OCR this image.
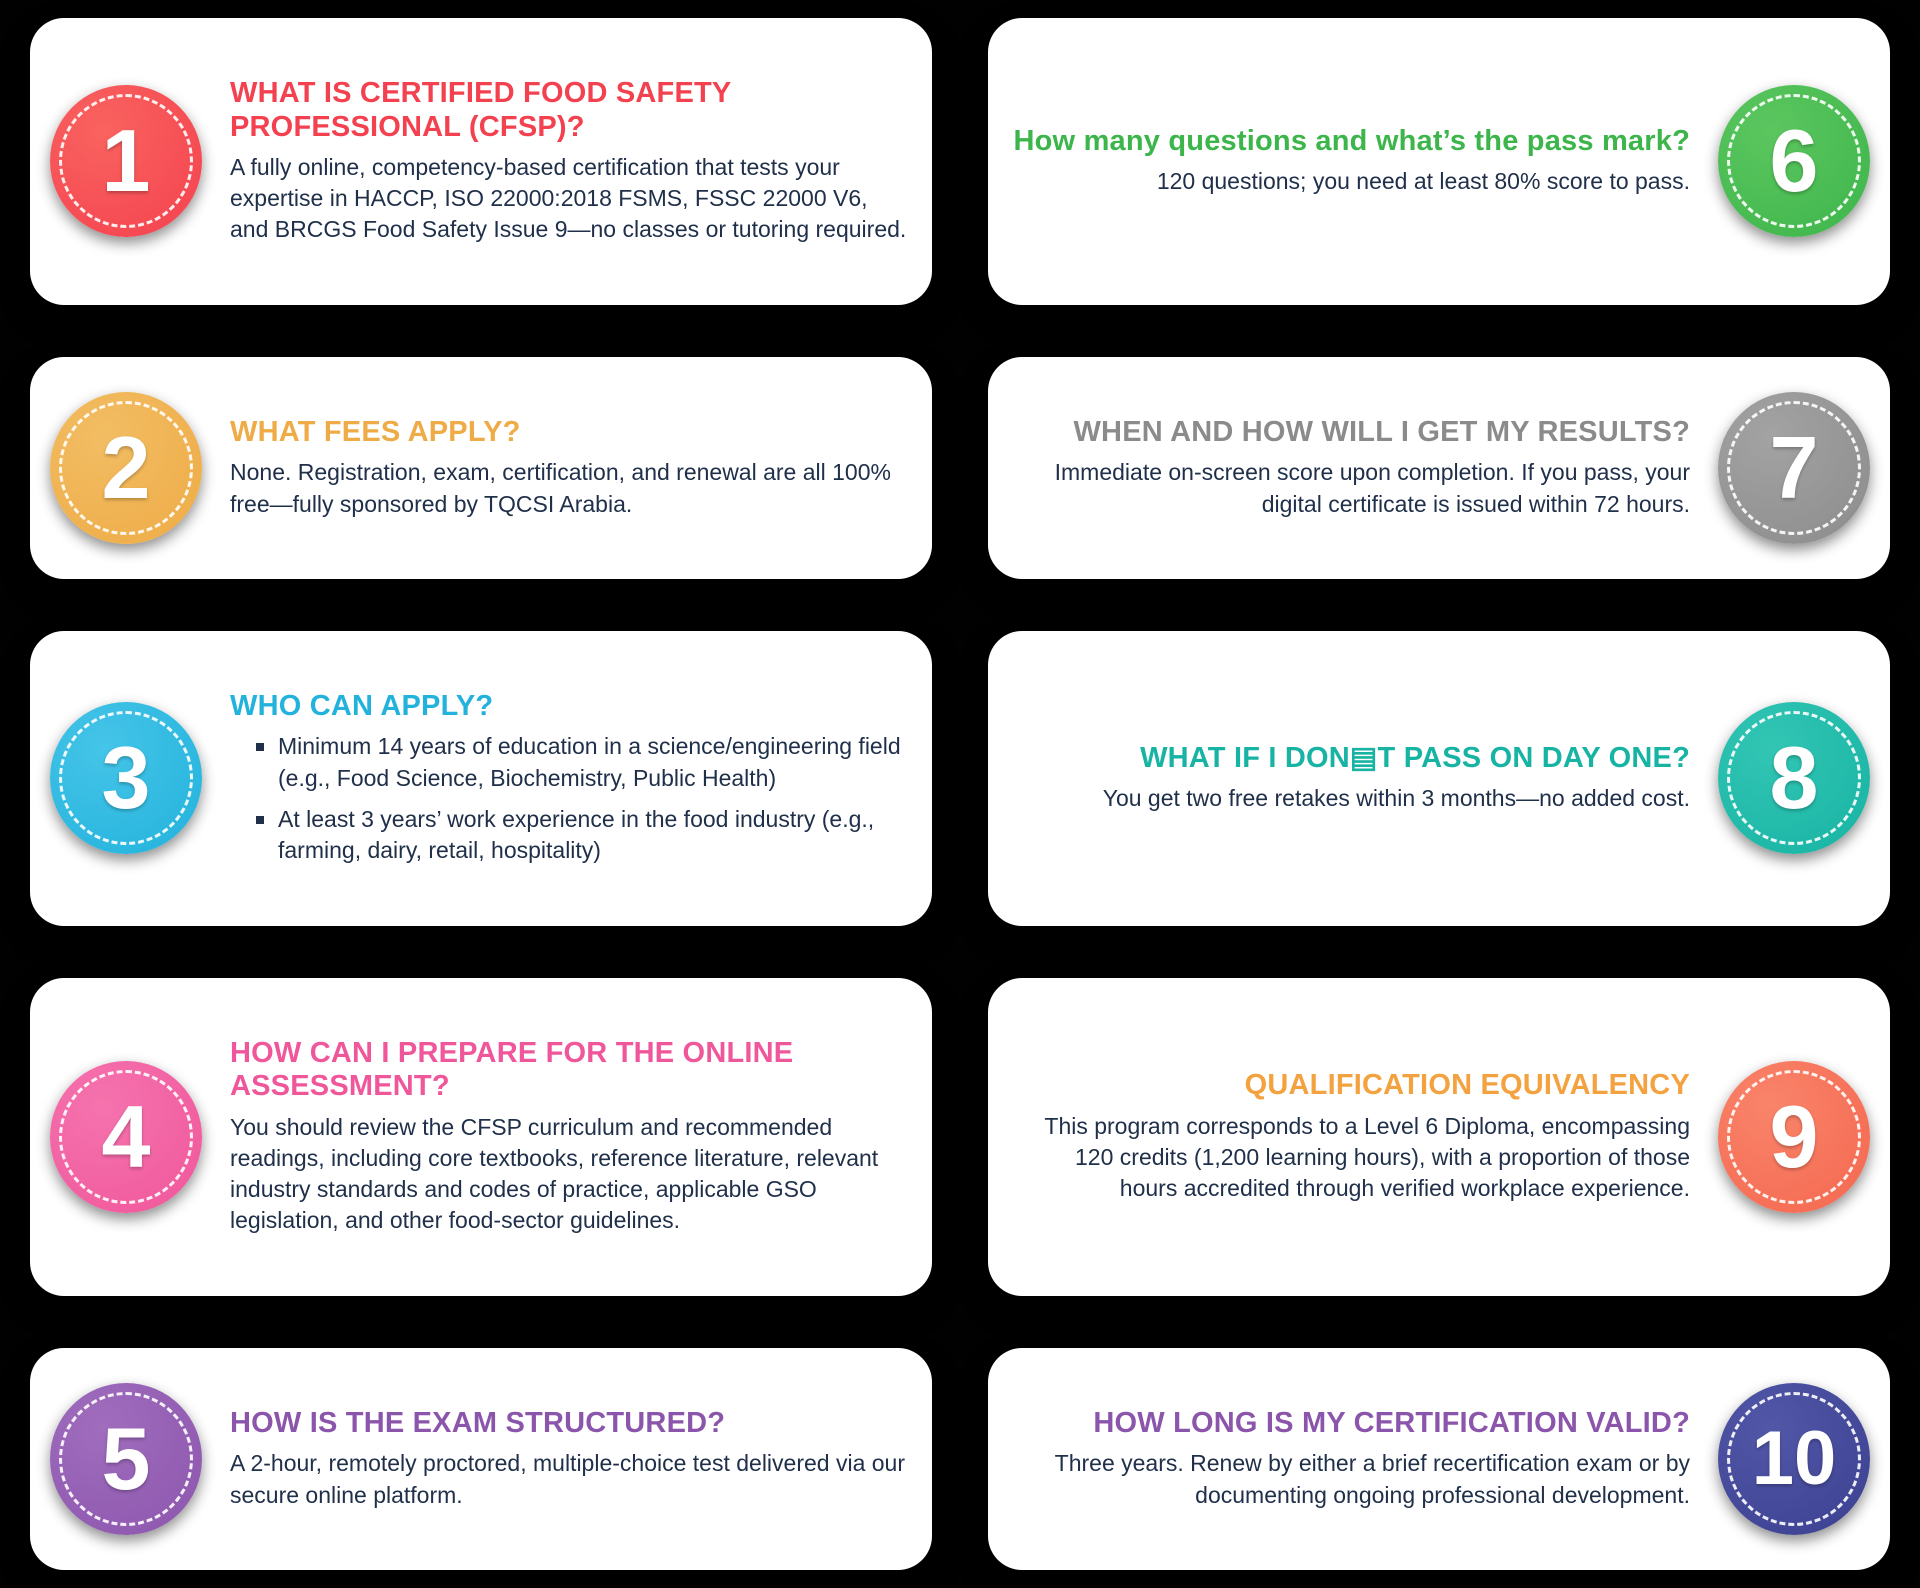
1
WHAT IS CERTIFIED FOOD SAFETY PROFESSIONAL (CFSP)?

A fully online, competency-based certification that tests your expertise in HACCP, ISO 22000:2018 FSMS, FSSC 22000 V6, and BRCGS Food Safety Issue 9—no classes or tutoring required.

6
How many questions and what’s the pass mark?

120 questions; you need at least 80% score to pass.

2	WHAT FEES APPLY?

None. Registration, exam, certification, and renewal are all 100% free—fully sponsored by TQCSI Arabia.	7
WHEN AND HOW WILL I GET MY RESULTS?

Immediate on-screen score upon completion. If you pass, your digital certificate is issued within 72 hours.

3
WHO CAN APPLY?
Minimum 14 years of education in a science/engineering field (e.g., Food Science, Biochemistry, Public Health)
At least 3 years’ work experience in the food industry (e.g., farming, dairy, retail, hospitality)
8
WHAT IF I DON▤T PASS ON DAY ONE?

You get two free retakes within 3 months—no added cost.

4
HOW CAN I PREPARE FOR THE ONLINE ASSESSMENT?

You should review the CFSP curriculum and recommended readings, including core textbooks, reference literature, relevant industry standards and codes of practice, applicable GSO legislation, and other food-sector guidelines.

9
QUALIFICATION EQUIVALENCY

This program corresponds to a Level 6 Diploma, encompassing 120 credits (1,200 learning hours), with a proportion of those hours accredited through verified workplace experience.

5	HOW IS THE EXAM STRUCTURED?

A 2-hour, remotely proctored, multiple-choice test delivered via our secure online platform.	10
HOW LONG IS MY CERTIFICATION VALID?

Three years. Renew by either a brief recertification exam or by documenting ongoing professional development.
